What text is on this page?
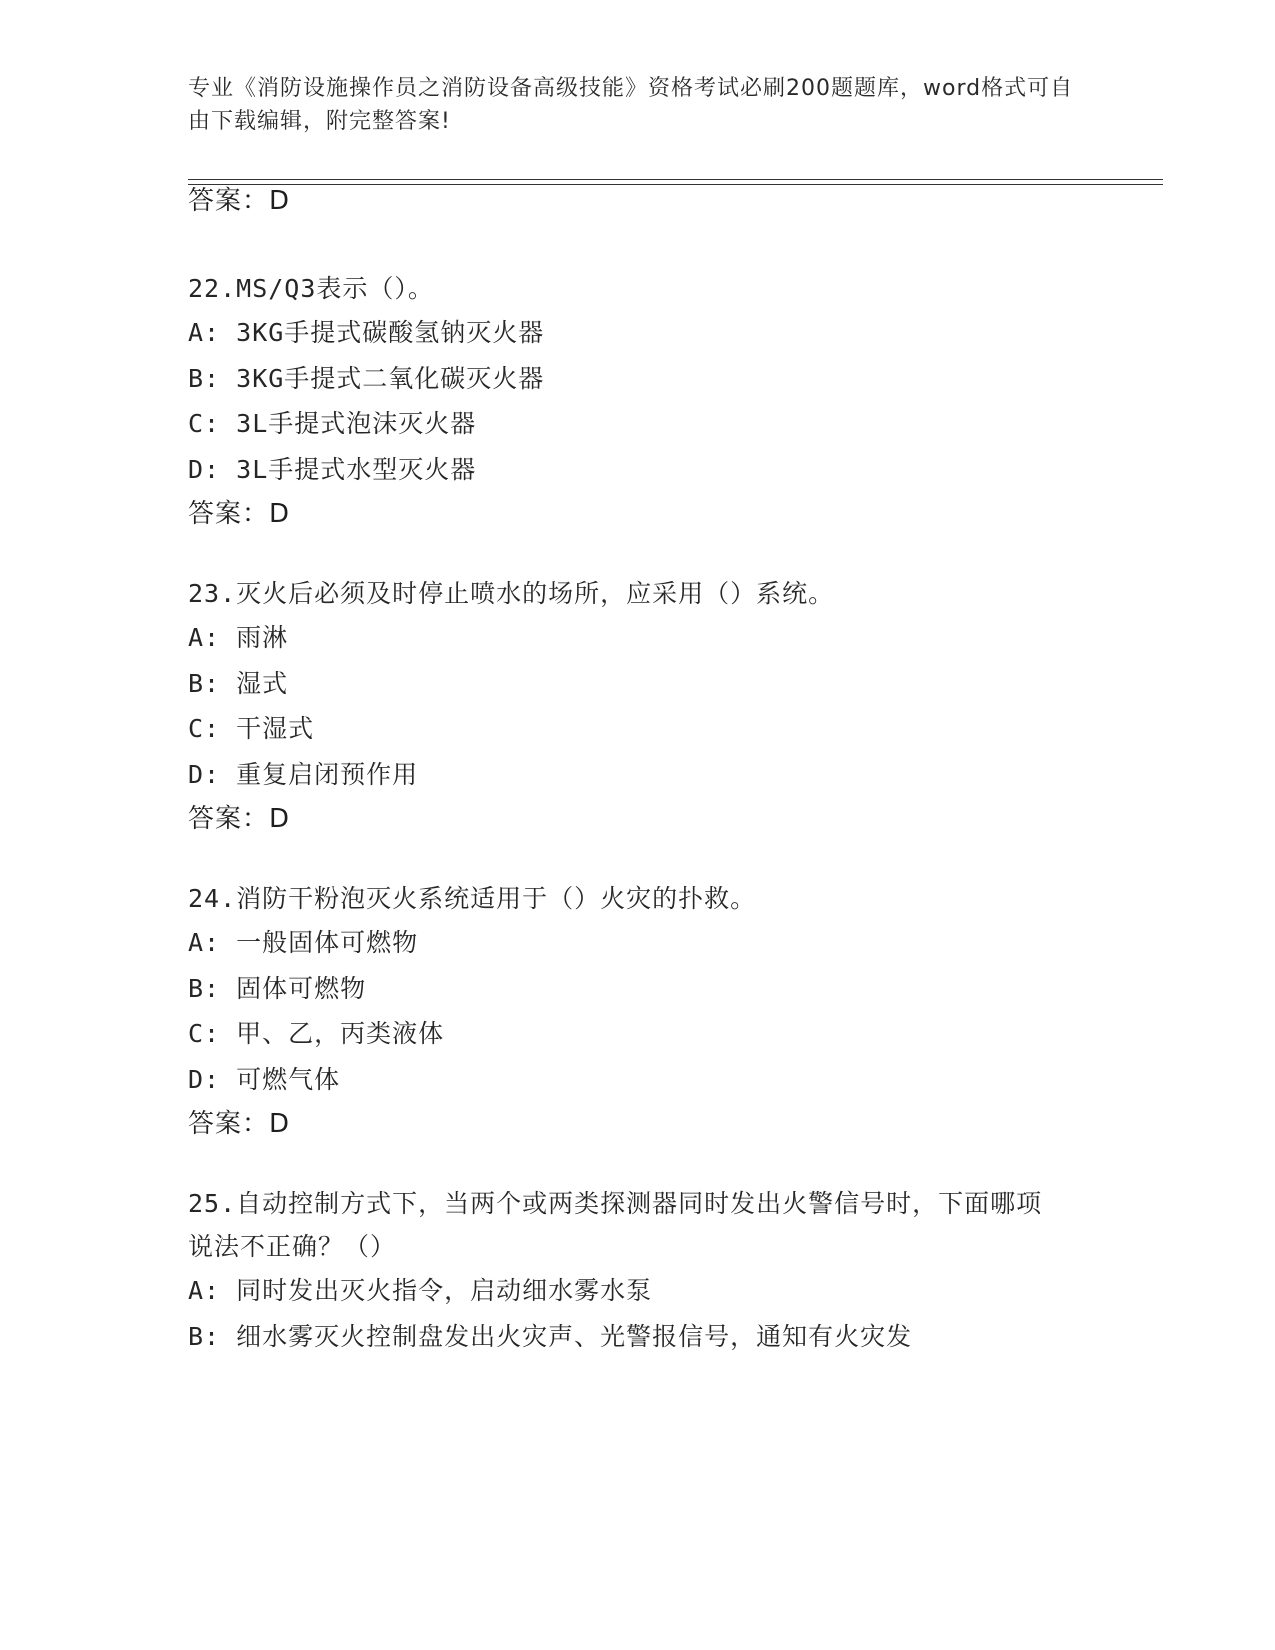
专业《消防设施操作员之消防设备高级技能》资格考试必刷200题题库，word格式可自由下载编辑，附完整答案!
答案：D
22.MS/Q3表示（）。
A: 3KG手提式碳酸氢钠灭火器
B: 3KG手提式二氧化碳灭火器
C: 3L手提式泡沫灭火器
D: 3L手提式水型灭火器
答案：D
23.灭火后必须及时停止喷水的场所，应采用（）系统。
A: 雨淋
B: 湿式
C: 干湿式
D: 重复启闭预作用
答案：D
24.消防干粉泡灭火系统适用于（）火灾的扑救。
A: 一般固体可燃物
B: 固体可燃物
C: 甲、乙，丙类液体
D: 可燃气体
答案：D
25.自动控制方式下，当两个或两类探测器同时发出火警信号时，下面哪项说法不正确？（）
A: 同时发出灭火指令，启动细水雾水泵
B: 细水雾灭火控制盘发出火灾声、光警报信号，通知有火灾发
